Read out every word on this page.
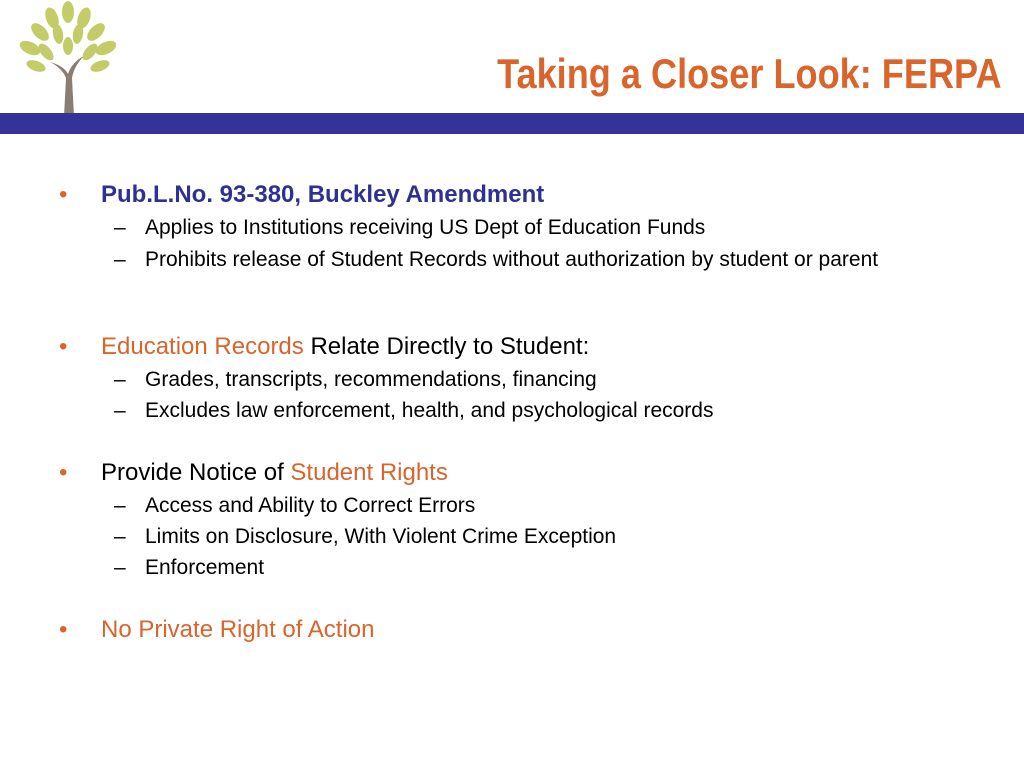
Taking a Closer Look: FERPA
• Pub.L.No. 93-380, Buckley Amendment
– Applies to Institutions receiving US Dept of Education Funds
– Prohibits release of Student Records without authorization by student or parent
• Education Records Relate Directly to Student:
– Grades, transcripts, recommendations, financing
– Excludes law enforcement, health, and psychological records
• Provide Notice of Student Rights
– Access and Ability to Correct Errors
– Limits on Disclosure, With Violent Crime Exception
– Enforcement
• No Private Right of Action
